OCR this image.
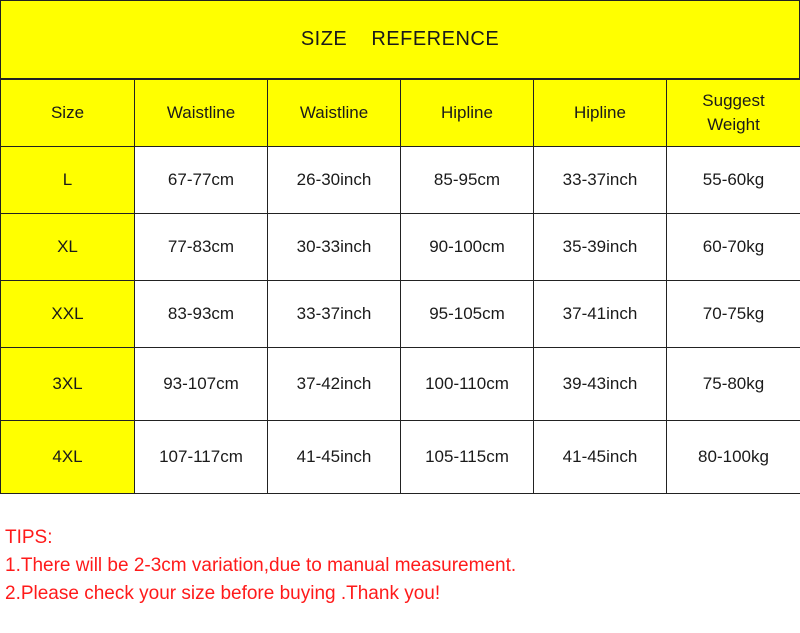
SIZE REFERENCE
Size	Waistline	Waistline	Hipline	Hipline	Suggest Weight
L	67-77cm	26-30inch	85-95cm	33-37inch	55-60kg
XL	77-83cm	30-33inch	90-100cm	35-39inch	60-70kg
XXL	83-93cm	33-37inch	95-105cm	37-41inch	70-75kg
3XL	93-107cm	37-42inch	100-110cm	39-43inch	75-80kg
4XL	107-117cm	41-45inch	105-115cm	41-45inch	80-100kg
TIPS:
1.There will be 2-3cm variation,due to manual measurement.
2.Please check your size before buying .Thank you!
